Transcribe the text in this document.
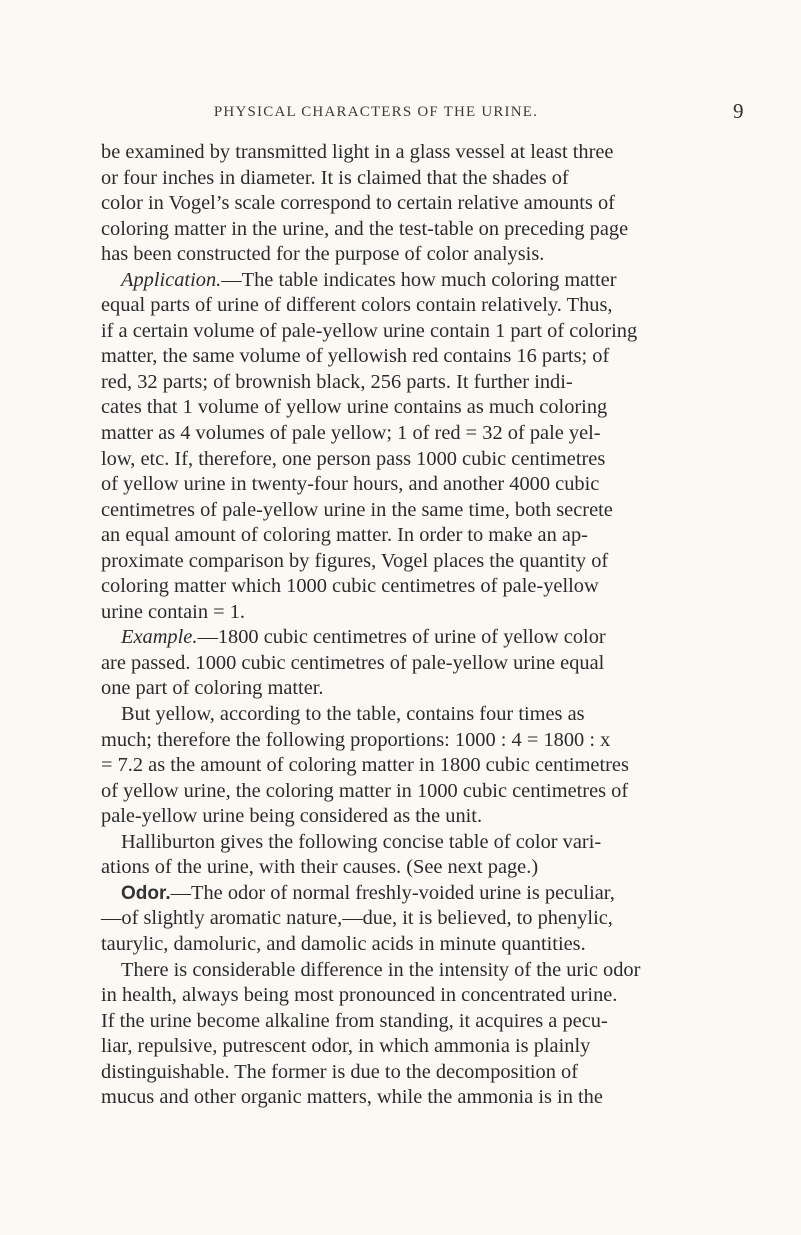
PHYSICAL CHARACTERS OF THE URINE.	9
be examined by transmitted light in a glass vessel at least three
or four inches in diameter. It is claimed that the shades of
color in Vogel’s scale correspond to certain relative amounts of
coloring matter in the urine, and the test-table on preceding page
has been constructed for the purpose of color analysis.
Application.—The table indicates how much coloring matter
equal parts of urine of different colors contain relatively. Thus,
if a certain volume of pale-yellow urine contain 1 part of coloring
matter, the same volume of yellowish red contains 16 parts; of
red, 32 parts; of brownish black, 256 parts. It further indi-
cates that 1 volume of yellow urine contains as much coloring
matter as 4 volumes of pale yellow; 1 of red = 32 of pale yel-
low, etc. If, therefore, one person pass 1000 cubic centimetres
of yellow urine in twenty-four hours, and another 4000 cubic
centimetres of pale-yellow urine in the same time, both secrete
an equal amount of coloring matter. In order to make an ap-
proximate comparison by figures, Vogel places the quantity of
coloring matter which 1000 cubic centimetres of pale-yellow
urine contain = 1.
Example.—1800 cubic centimetres of urine of yellow color
are passed. 1000 cubic centimetres of pale-yellow urine equal
one part of coloring matter.
But yellow, according to the table, contains four times as
much; therefore the following proportions: 1000 : 4 = 1800 : x
= 7.2 as the amount of coloring matter in 1800 cubic centimetres
of yellow urine, the coloring matter in 1000 cubic centimetres of
pale-yellow urine being considered as the unit.
Halliburton gives the following concise table of color vari-
ations of the urine, with their causes. (See next page.)
Odor.—The odor of normal freshly-voided urine is peculiar,
—of slightly aromatic nature,—due, it is believed, to phenylic,
taurylic, damoluric, and damolic acids in minute quantities.
There is considerable difference in the intensity of the uric odor
in health, always being most pronounced in concentrated urine.
If the urine become alkaline from standing, it acquires a pecu-
liar, repulsive, putrescent odor, in which ammonia is plainly
distinguishable. The former is due to the decomposition of
mucus and other organic matters, while the ammonia is in the
